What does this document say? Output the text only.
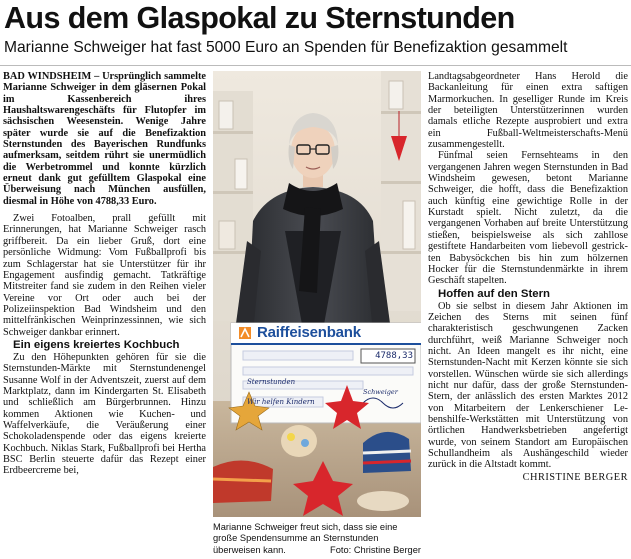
Aus dem Glaspokal zu Sternstunden
Marianne Schweiger hat fast 5000 Euro an Spenden für Benefizaktion gesammelt

BAD WINDSHEIM – Ursprünglich sammelte Marianne Schweiger in dem gläsernen Pokal im Kassenbereich ihres Haushaltswarengeschäfts für Flutopfer im sächsischen Weesenstein. Wenige Jahre später wurde sie auf die Benefizaktion Sternstunden des Bayerischen Rundfunks aufmerksam, seitdem rührt sie unermüdlich die Werbetrommel und konnte kürzlich erneut dank gut gefülltem Glaspokal eine Überweisung nach München ausfüllen, diesmal in Höhe von 4788,33 Euro.

Zwei Fotoalben, prall gefüllt mit Erinnerungen, hat Marianne Schweiger rasch griffbereit. Da ein lieber Gruß, dort eine persönliche Widmung: Vom Fußballprofi bis zum Schlagerstar hat sie Unterstützer für ihr Engagement ausfindig gemacht. Tatkräftige Mitstreiter fand sie zudem in den Reihen vieler Vereine vor Ort oder auch bei der Polizeiinspektion Bad Windsheim und den mittelfränkischen Weinprinzessinnen, wie sich Schweiger dankbar erinnert.

Ein eigens kreiertes Kochbuch

Zu den Höhepunkten gehören für sie die Sternstunden-Märkte mit Sternstundenengel Susanne Wolf in der Adventszeit, zuerst auf dem Marktplatz, dann im Kindergarten St. Elisabeth und schließlich am Bürgerbrunnen. Hinzu kommen Aktionen wie Kuchen- und Waffelverkäufe, die Veräußerung einer Schokoladenspende oder das eigens kreierte Kochbuch. Niklas Stark, Fußballprofi bei Hertha BSC Berlin steuerte dafür das Rezept einer Erdbeercreme bei,

Raiffeisenbank
4788,33
Sternstunden
Wir helfen Kindern
Schweiger
Marianne Schweiger freut sich, dass sie eine
große Spendensumme an Sternstunden
überweisen kann.	Foto: Christine Berger

Landtagsabgeordneter Hans Herold die Backanleitung für einen extra saftigen Marmorkuchen. In geselliger Runde im Kreis der beteiligten Unterstützerinnen wurden damals etliche Rezepte ausprobiert und extra ein Fußball-Weltmeisterschafts-Menü zusammengestellt.

Fünfmal seien Fernsehteams in den vergangenen Jahren wegen Sternstunden in Bad Windsheim gewesen, betont Marianne Schweiger, die hofft, dass die Benefizaktion auch künftig eine gewichtige Rolle in der Kurstadt spielt. Nicht zuletzt, da die vergangenen Vorhaben auf breite Unterstützung stießen, beispielsweise als sich zahllose gestiftete Handarbeiten vom liebevoll gestrickten Babysöckchen bis hin zum hölzernen Hocker für die Sternstundenmärkte in ihrem Geschäft stapelten.

Hoffen auf den Stern

Ob sie selbst in diesem Jahr Aktionen im Zeichen des Sterns mit seinen fünf charakteristisch geschwungenen Zacken durchführt, weiß Marianne Schweiger noch nicht. An Ideen mangelt es ihr nicht, eine Sternstunden-Nacht mit Kerzen könnte sie sich vorstellen. Wünschen würde sie sich allerdings nicht nur dafür, dass der große Sternstunden-Stern, der anlässlich des ersten Marktes 2012 von Mitarbeitern der Lenkerschiener Lebenshilfe-Werkstätten mit Unterstützung von örtlichen Handwerksbetrieben angefertigt wurde, von seinem Standort am Europäischen Schullandheim als Aushängeschild wieder zurück in die Altstadt kommt.

CHRISTINE BERGER
